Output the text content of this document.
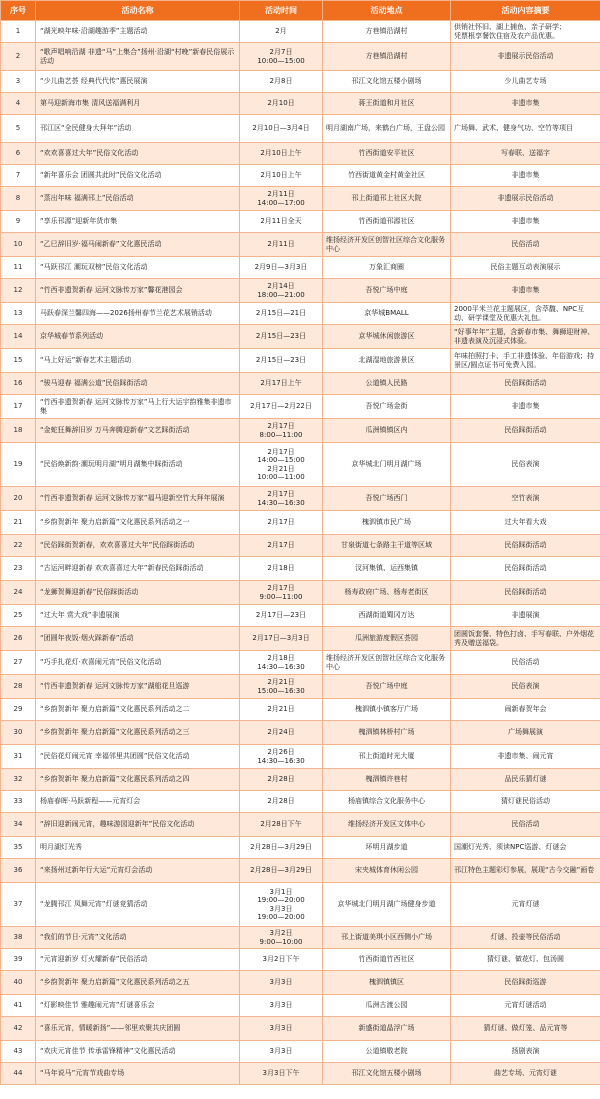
序号	活动名称	活动时间	活动地点	活动内容摘要
1	“湖光映年味·沿湖趣游季”主题活动	2月	方巷镇沿湖村	供销社怀旧、湖上捕鱼、亲子研学；
凭票根享餐饮住宿及农产品优惠。
2	“歌声唱响沿湖 非遗“马”上集合”扬州·沿湖“村晚”新春民俗展示活动	2月7日
10:00—15:00	方巷镇沿湖村	非遗展示民俗活动
3	“少儿曲艺荟 经典代代传”惠民展演	2月8日	邗江文化馆五楼小剧场	少儿曲艺专场
4	第马迎新海市集 清风送福满利月	2月10日	蒋王街道和月社区	非遗市集
5	邗江区“全民健身大拜年”活动	2月10日—3月4日	明月湖南广场，来鹤台广场，王盘公园	广场舞、武术、健身气功、空竹等项目
6	“欢欢喜喜过大年”民俗文化活动	2月10日上午	竹西街道安平社区	写春联、送福字
7	“新年喜乐会 团圆共此时”民俗文化活动	2月10日上午	竹西街道黄金村黄金社区	非遗市集
8	“蒸出年味 福满邗上”民俗活动	2月11日
14:00—17:00	邗上街道邗上社区大院	非遗展示民俗活动
9	“享乐邗源”迎新年货市集	2月11日全天	竹西街道邗源社区	非遗市集
10	“乙巳辞旧岁·福马闹新春”文化惠民活动	2月11日	维扬经济开发区创智社区综合文化服务中心	民俗活动
11	“马跃邗江 潮玩双榜”民俗文化活动	2月9日—3月3日	万象汇商圈	民俗主题互动表演展示
12	“竹西非遗贺新春 运河文脉传万家”馨花港园会	2月14日
18:00—21:00	吾悦广场中庭	非遗市集
13	马跃春深兰馨四海——2026扬州春节兰花艺术展销活动	2月15日—21日	京华城BMALL	2000平米兰花主题展区，含萃馥、NPC互动、研学课堂及优惠大礼包。
14	京华城春节系列活动	2月15日—23日	京华城休闲旅游区	“好事年年”主题，含新春市集、舞狮迎财神、非遗表演及沉浸式体验。
15	“马上好运”新春艺术主题活动	2月15日—23日	北湖湿地旅游景区	年味拍照打卡、手工非遗体验、年俗游戏；持景区/圆点证书可免费入园。
16	“骏马迎春 福满公道”民俗踩街活动	2月17日上午	公道镇人民路	民俗踩街活动
17	“竹西非遗贺新春 运河文脉传万家”马上行大运宇韵雅集非遗市集	2月17日—2月22日	吾悦广场金街	非遗市集
18	“金蛇狂舞辞旧岁 万马奔腾迎新春”文艺踩街活动	2月17日
8:00—11:00	瓜洲镇镇区内	民俗踩街活动
19	“民俗焕新韵·潮玩明月湖”明月湖集中踩街活动	2月17日
14:00—15:00
2月21日
10:00—11:00	京华城北门明月湖广场	民俗表演
20	“竹西非遗贺新春 运河文脉传万家”福马迎新空竹大拜年展演	2月17日
14:30—16:30	吾悦广场西门	空竹表演
21	“乡韵贺新年 聚力启新篇”文化惠民系列活动之一	2月17日	槐泗镇市民广场	过大年看大戏
22	“民俗踩街贺新春，欢欢喜喜过大年”民俗踩街活动	2月17日	甘泉街道七条路主干道等区域	民俗踩街活动
23	“古运河畔迎新春 欢欢喜喜过大年”新春民俗踩街活动	2月18日	汊河集镇、运西集镇	民俗踩街活动
24	“龙狮贺舞迎新春”民俗踩街活动	2月17日
9:00—11:00	杨寿政府广场、杨寿老街区	民俗踩街活动
25	“过大年 赏大戏”非遗展演	2月17日—23日	西湖街道蜀冈万达	非遗展演
26	“团圆年夜饭·烟火踩新春”活动	2月17日—3月3日	瓜洲旅游度假区荟园	团圆饭套餐、特色打卤、手写春联、户外烟花秀及赠送福袋。
27	“巧手扎花灯·欢喜闹元宵”民俗文化活动	2月18日
14:30—16:30	维扬经济开发区创智社区综合文化服务中心	民俗活动
28	“竹西非遗贺新春 运河文脉传万家”湖船花旦巡游	2月21日
15:00—16:30	吾悦广场中庭	民俗表演
29	“乡韵贺新年 聚力启新篇”文化惠民系列活动之二	2月21日	槐泗镇小镇客厅广场	闹新春贺年会
30	“乡韵贺新年 聚力启新篇”文化惠民系列活动之三	2月24日	槐泗镇林桥村广场	广场舞展演
31	“民俗花灯闹元宵 幸福邻里共团圆”民俗文化活动	2月26日
14:30—16:30	邗上街道时光大厦	非遗市集、闹元宵
32	“乡韵贺新年 聚力启新篇”文化惠民系列活动之四	2月28日	槐泗镇许巷村	品民乐猜灯谜
33	杨庙春晖·马跃新程——元宵灯会	2月28日	杨庙镇综合文化服务中心	猜灯谜民俗活动
34	“辞旧迎新闹元宵，趣味游园迎新年”民俗文化活动	2月28日下午	维扬经济开发区文体中心	民俗活动
35	明月湖灯光秀	2月28日—3月29日	环明月湖步道	国潮灯光秀、须读NPC巡游、灯谜会
36	“来扬州过新年行大运”元宵灯会活动	2月28日—3月29日	宋夹城体育休闲公园	邗江特色主题彩灯参展，展现“古今交融”画卷
37	“龙腾邗江 凤舞元宵”灯谜竞猜活动	3月1日
19:00—20:00
3月3日
19:00—20:00	京华城北门明月湖广场健身步道	元宵灯谜
38	“我们的节日·元宵”文化活动	3月2日
9:00—10:00	邗上街道美琪小区西侧小广场	灯谜、投壶等民俗活动
39	“元宵迎新岁 灯火耀新春”民俗活动	3月2日下午	竹西街道竹西社区	猜灯谜、做花灯、包汤圆
40	“乡韵贺新年 聚力启新篇”文化惠民系列活动之五	3月3日	槐泗镇镇区	民俗踩街巡游
41	“灯影映佳节 雅趣闹元宵”灯谜喜乐会	3月3日	瓜洲古渡公园	元宵灯谜活动
42	“喜乐元宵，情暖新扬”——邻里欢聚共庆团圆	3月3日	新盛街道晶浮广场	猜灯谜、做灯笼、品元宵等
43	“欢庆元宵佳节 传承雷锋精神”文化惠民活动	3月3日	公道镇敬老院	扬剧表演
44	“马年说马”元宵节戏曲专场	3月3日下午	邗江文化馆五楼小剧场	曲艺专场、元宵灯谜
